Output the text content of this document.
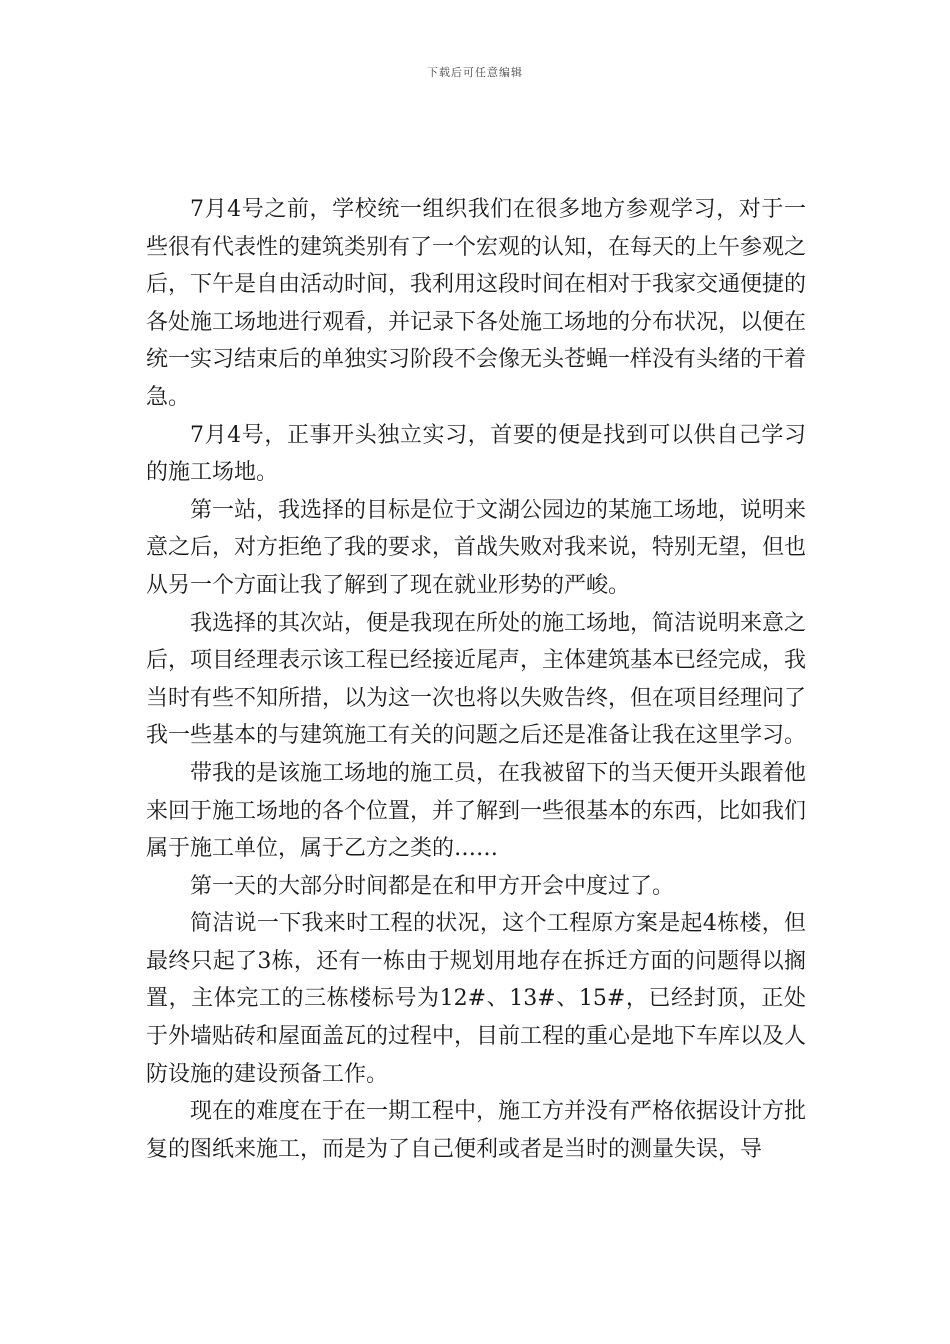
下载后可任意编辑

7月4号之前，学校统一组织我们在很多地方参观学习，对于一些很有代表性的建筑类别有了一个宏观的认知，在每天的上午参观之后，下午是自由活动时间，我利用这段时间在相对于我家交通便捷的各处施工场地进行观看，并记录下各处施工场地的分布状况，以便在统一实习结束后的单独实习阶段不会像无头苍蝇一样没有头绪的干着急。

7月4号，正事开头独立实习，首要的便是找到可以供自己学习的施工场地。

第一站，我选择的目标是位于文湖公园边的某施工场地，说明来意之后，对方拒绝了我的要求，首战失败对我来说，特别无望，但也从另一个方面让我了解到了现在就业形势的严峻。

我选择的其次站，便是我现在所处的施工场地，简洁说明来意之后，项目经理表示该工程已经接近尾声，主体建筑基本已经完成，我当时有些不知所措，以为这一次也将以失败告终，但在项目经理问了我一些基本的与建筑施工有关的问题之后还是准备让我在这里学习。

带我的是该施工场地的施工员，在我被留下的当天便开头跟着他来回于施工场地的各个位置，并了解到一些很基本的东西，比如我们属于施工单位，属于乙方之类的……

第一天的大部分时间都是在和甲方开会中度过了。

简洁说一下我来时工程的状况，这个工程原方案是起4栋楼，但最终只起了3栋，还有一栋由于规划用地存在拆迁方面的问题得以搁置，主体完工的三栋楼标号为12#、13#、15#，已经封顶，正处于外墙贴砖和屋面盖瓦的过程中，目前工程的重心是地下车库以及人防设施的建设预备工作。

现在的难度在于在一期工程中，施工方并没有严格依据设计方批复的图纸来施工，而是为了自己便利或者是当时的测量失误，导
